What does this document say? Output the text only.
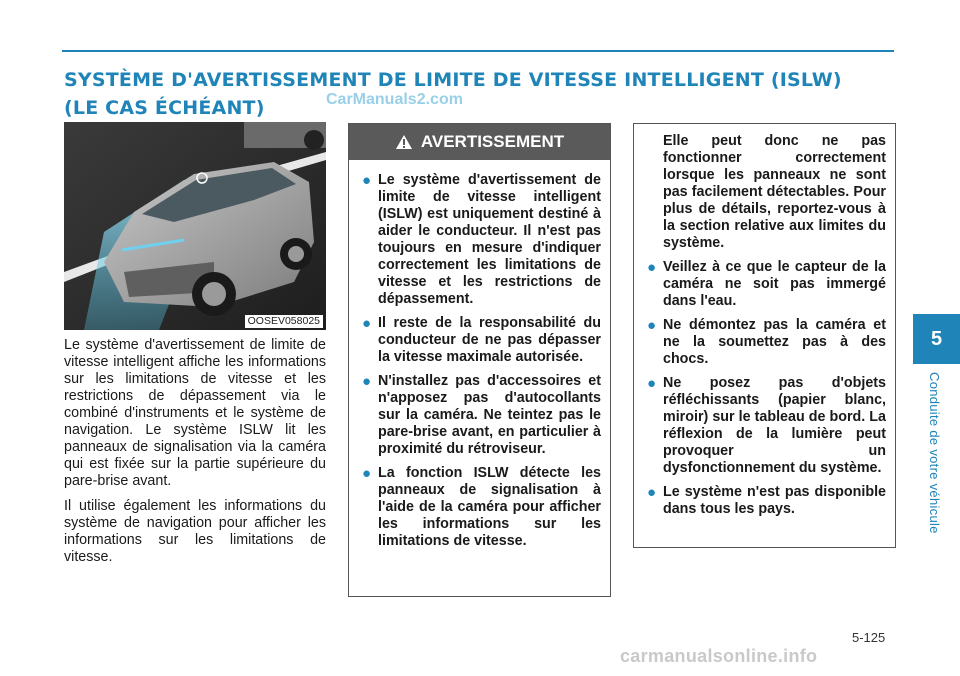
SYSTÈME D'AVERTISSEMENT DE LIMITE DE VITESSE INTELLIGENT (ISLW)
(LE CAS ÉCHÉANT)	CarManuals2.com
OOSEV058025

Le système d'avertissement de limite de vitesse intelligent affiche les informations sur les limitations de vitesse et les restrictions de dépassement via le combiné d'instruments et le système de navigation. Le système ISLW lit les panneaux de signalisation via la caméra qui est fixée sur la partie supérieure du pare-brise avant.

Il utilise également les informations du système de navigation pour afficher les informations sur les limitations de vitesse.

AVERTISSEMENT
● Le système d'avertissement de limite de vitesse intelligent (ISLW) est uniquement destiné à aider le conducteur. Il n'est pas toujours en mesure d'indiquer correctement les limitations de vitesse et les restrictions de dépassement.
● Il reste de la responsabilité du conducteur de ne pas dépasser la vitesse maximale autorisée.
● N'installez pas d'accessoires et n'apposez pas d'autocollants sur la caméra. Ne teintez pas le pare-brise avant, en particulier à proximité du rétroviseur.
● La fonction ISLW détecte les panneaux de signalisation à l'aide de la caméra pour afficher les informations sur les limitations de vitesse.
Elle peut donc ne pas fonctionner correctement lorsque les panneaux ne sont pas facilement détectables. Pour plus de détails, reportez-vous à la section relative aux limites du système.
● Veillez à ce que le capteur de la caméra ne soit pas immergé dans l'eau.
● Ne démontez pas la caméra et ne la soumettez pas à des chocs.
● Ne posez pas d'objets réfléchissants (papier blanc, miroir) sur le tableau de bord. La réflexion de la lumière peut provoquer un dysfonctionnement du système.
● Le système n'est pas disponible dans tous les pays.
5
Conduite de votre véhicule
5-125
carmanualsonline.info
